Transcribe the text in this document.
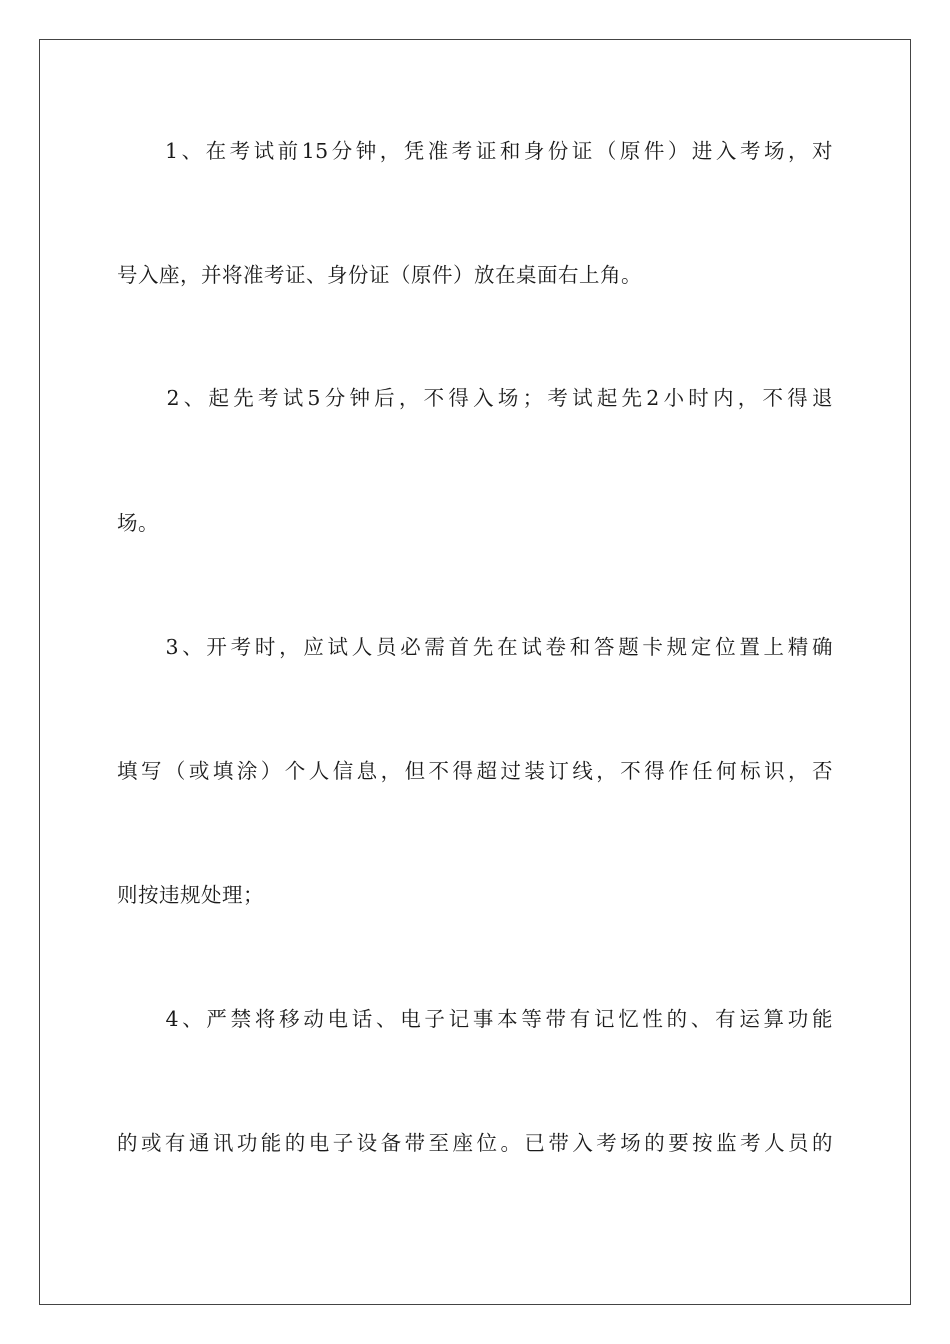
　　1、在考试前15分钟，凭准考证和身份证（原件）进入考场，对
号入座，并将准考证、身份证（原件）放在桌面右上角。
　　2、起先考试5分钟后，不得入场；考试起先2小时内，不得退
场。
　　3、开考时，应试人员必需首先在试卷和答题卡规定位置上精确
填写（或填涂）个人信息，但不得超过装订线，不得作任何标识，否
则按违规处理；
　　4、严禁将移动电话、电子记事本等带有记忆性的、有运算功能
的或有通讯功能的电子设备带至座位。已带入考场的要按监考人员的
